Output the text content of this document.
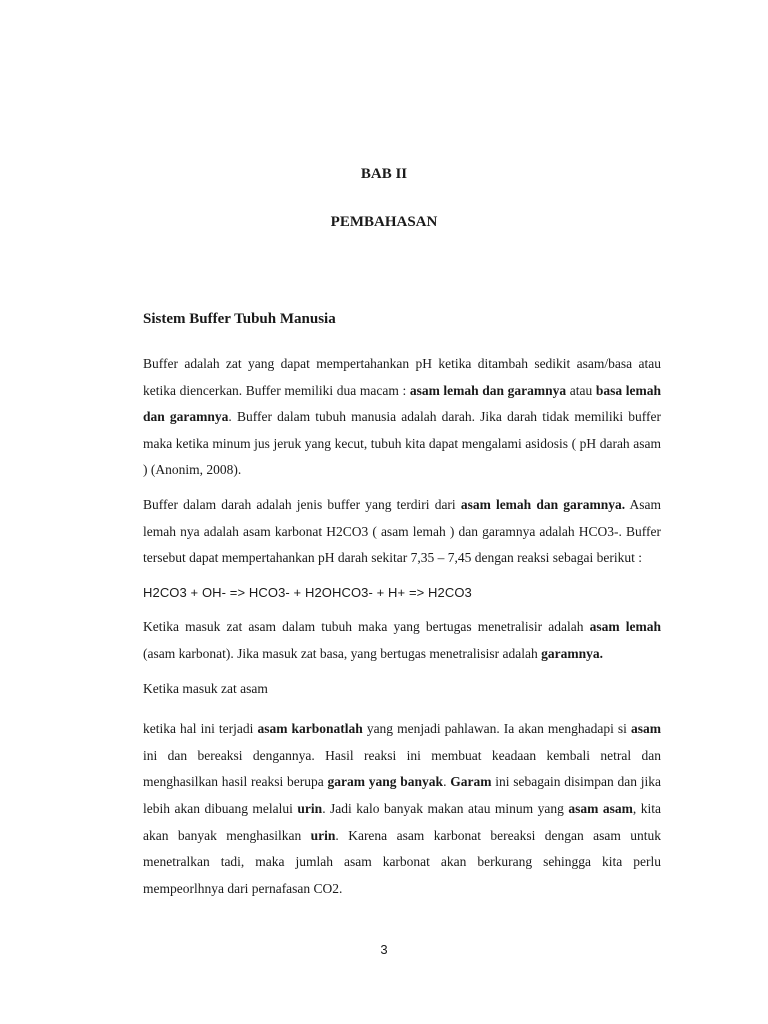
BAB II
PEMBAHASAN
Sistem Buffer Tubuh Manusia

Buffer adalah zat yang dapat mempertahankan pH ketika ditambah sedikit asam/basa atau ketika diencerkan. Buffer memiliki dua macam : asam lemah dan garamnya atau basa lemah dan garamnya. Buffer dalam tubuh manusia adalah darah. Jika darah tidak memiliki buffer maka ketika minum jus jeruk yang kecut, tubuh kita dapat mengalami asidosis ( pH darah asam ) (Anonim, 2008).

Buffer dalam darah adalah jenis buffer yang terdiri dari asam lemah dan garamnya. Asam lemah nya adalah asam karbonat H2CO3 ( asam lemah ) dan garamnya adalah HCO3-. Buffer tersebut dapat mempertahankan pH darah sekitar 7,35 – 7,45 dengan reaksi sebagai berikut :

H2CO3 + OH- => HCO3- + H2OHCO3- + H+ => H2CO3

Ketika masuk zat asam dalam tubuh maka yang bertugas menetralisir adalah asam lemah (asam karbonat). Jika masuk zat basa, yang bertugas menetralisisr adalah garamnya.

Ketika masuk zat asam

ketika hal ini terjadi asam karbonatlah yang menjadi pahlawan. Ia akan menghadapi si asam ini dan bereaksi dengannya. Hasil reaksi ini membuat keadaan kembali netral dan menghasilkan hasil reaksi berupa garam yang banyak. Garam ini sebagain disimpan dan jika lebih akan dibuang melalui urin. Jadi kalo banyak makan atau minum yang asam asam, kita akan banyak menghasilkan urin. Karena asam karbonat bereaksi dengan asam untuk menetralkan tadi, maka jumlah asam karbonat akan berkurang sehingga kita perlu mempeorlhnya dari pernafasan CO2.

3
